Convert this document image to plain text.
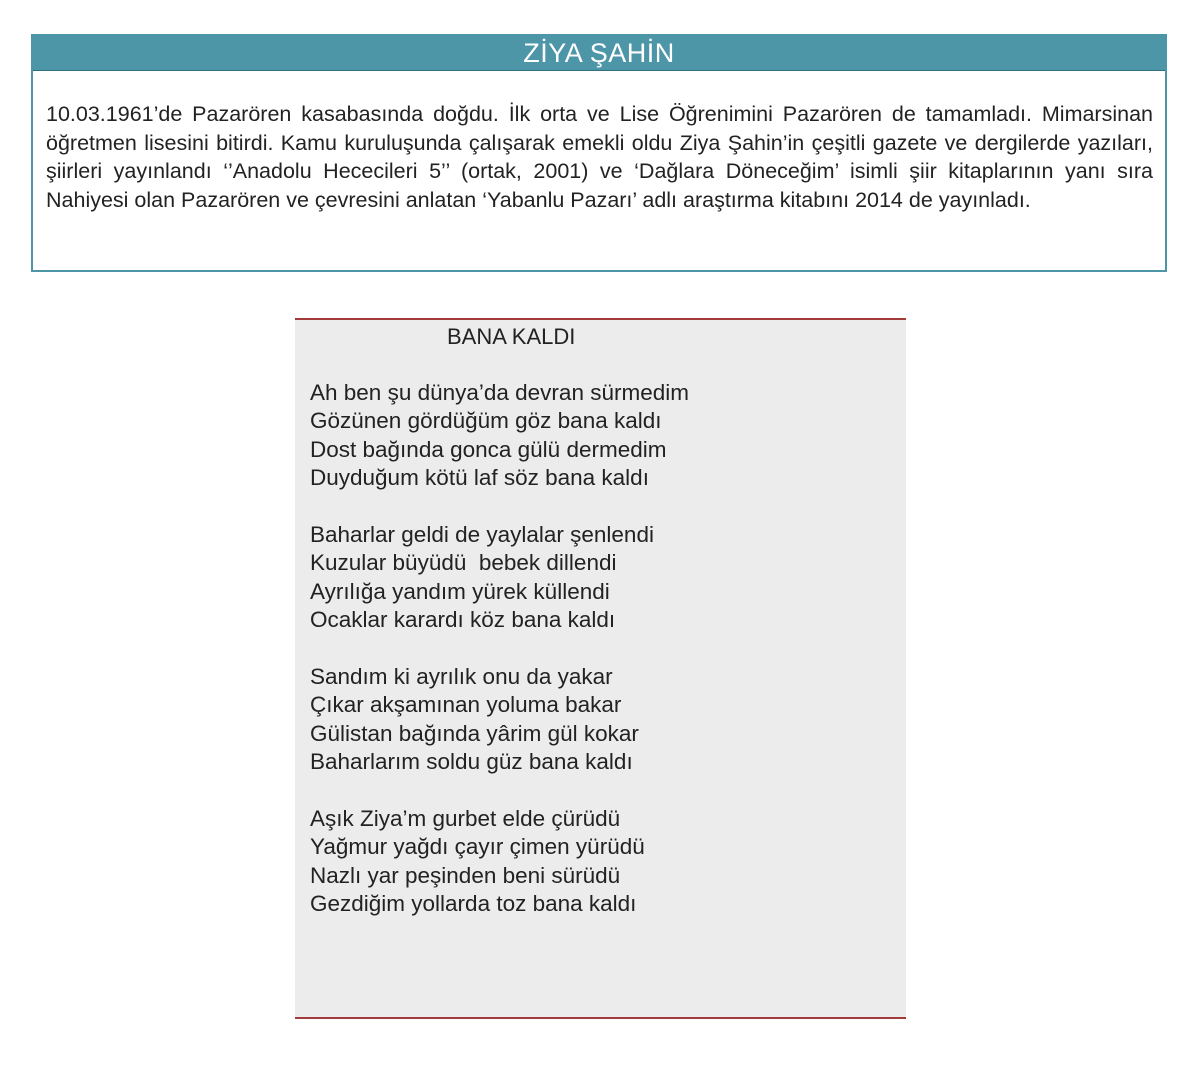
ZİYA ŞAHİN

10.03.1961’de Pazarören kasabasında doğdu. İlk orta ve Lise Öğrenimini Pazarören de tamamladı. Mimarsinan öğretmen lisesini bitirdi. Kamu kuruluşunda çalışarak emekli oldu Ziya Şahin’in çeşitli gazete ve dergilerde yazıları, şiirleri yayınlandı ‘’Anadolu Hececileri 5’’ (ortak, 2001) ve ‘Dağlara Döneceğim’ isimli şiir kitaplarının yanı sıra Nahiyesi olan Pazarören ve çevresini anlatan ‘Yabanlu Pazarı’ adlı araştırma kitabını 2014 de yayınladı.

BANA KALDI
Ah ben şu dünya’da devran sürmedim
Gözünen gördüğüm göz bana kaldı
Dost bağında gonca gülü dermedim
Duyduğum kötü laf söz bana kaldı
Baharlar geldi de yaylalar şenlendi
Kuzular büyüdü  bebek dillendi
Ayrılığa yandım yürek küllendi
Ocaklar karardı köz bana kaldı
Sandım ki ayrılık onu da yakar
Çıkar akşamınan yoluma bakar
Gülistan bağında yârim gül kokar
Baharlarım soldu güz bana kaldı
Aşık Ziya’m gurbet elde çürüdü
Yağmur yağdı çayır çimen yürüdü
Nazlı yar peşinden beni sürüdü
Gezdiğim yollarda toz bana kaldı
